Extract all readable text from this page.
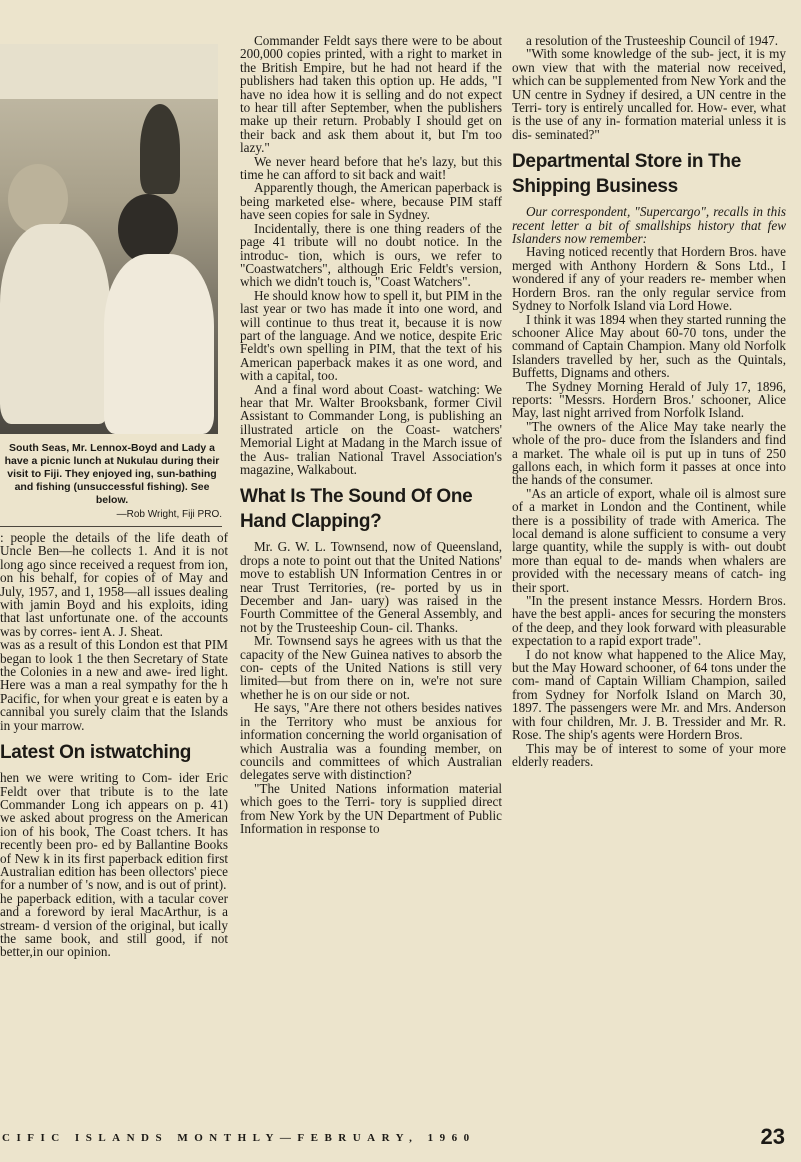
South Seas, Mr. Lennox-Boyd and Lady a have a picnic lunch at Nukulau during their visit to Fiji. They enjoyed ing, sun-bathing and fishing (unsuccessful fishing). See below.
—Rob Wright, Fiji PRO.

: people the details of the life death of Uncle Ben—he collects 1. And it is not long ago since received a request from ion, on his behalf, for copies of of May and July, 1957, and 1, 1958—all issues dealing with jamin Boyd and his exploits, iding that last unfortunate one. of the accounts was by corres- ient A. J. Sheat.

was as a result of this London est that PIM began to look 1 the then Secretary of State the Colonies in a new and awe- ired light. Here was a man a real sympathy for the h Pacific, for when your great e is eaten by a cannibal you surely claim that the Islands in your marrow.

Latest On istwatching

hen we were writing to Com- ider Eric Feldt over that tribute is to the late Commander Long ich appears on p. 41) we asked about progress on the American ion of his book, The Coast tchers. It has recently been pro- ed by Ballantine Books of New k in its first paperback edition first Australian edition has been ollectors' piece for a number of 's now, and is out of print).

he paperback edition, with a tacular cover and a foreword by ieral MacArthur, is a stream- d version of the original, but ically the same book, and still good, if not better,in our opinion.

Commander Feldt says there were to be about 200,000 copies printed, with a right to market in the British Empire, but he had not heard if the publishers had taken this option up. He adds, "I have no idea how it is selling and do not expect to hear till after September, when the publishers make up their return. Probably I should get on their back and ask them about it, but I'm too lazy."

We never heard before that he's lazy, but this time he can afford to sit back and wait!

Apparently though, the American paperback is being marketed else- where, because PIM staff have seen copies for sale in Sydney.

Incidentally, there is one thing readers of the page 41 tribute will no doubt notice. In the introduc- tion, which is ours, we refer to "Coastwatchers", although Eric Feldt's version, which we didn't touch is, "Coast Watchers".

He should know how to spell it, but PIM in the last year or two has made it into one word, and will continue to thus treat it, because it is now part of the language. And we notice, despite Eric Feldt's own spelling in PIM, that the text of his American paperback makes it as one word, and with a capital, too.

And a final word about Coast- watching: We hear that Mr. Walter Brooksbank, former Civil Assistant to Commander Long, is publishing an illustrated article on the Coast- watchers' Memorial Light at Madang in the March issue of the Aus- tralian National Travel Association's magazine, Walkabout.

What Is The Sound Of One Hand Clapping?

Mr. G. W. L. Townsend, now of Queensland, drops a note to point out that the United Nations' move to establish UN Information Centres in or near Trust Territories, (re- ported by us in December and Jan- uary) was raised in the Fourth Committee of the General Assembly, and not by the Trusteeship Coun- cil. Thanks.

Mr. Townsend says he agrees with us that the capacity of the New Guinea natives to absorb the con- cepts of the United Nations is still very limited—but from there on in, we're not sure whether he is on our side or not.

He says, "Are there not others besides natives in the Territory who must be anxious for information concerning the world organisation of which Australia was a founding member, on councils and committees of which Australian delegates serve with distinction?

"The United Nations information material which goes to the Terri- tory is supplied direct from New York by the UN Department of Public Information in response to

a resolution of the Trusteeship Council of 1947.

"With some knowledge of the sub- ject, it is my own view that with the material now received, which can be supplemented from New York and the UN centre in Sydney if desired, a UN centre in the Terri- tory is entirely uncalled for. How- ever, what is the use of any in- formation material unless it is dis- seminated?"

Departmental Store in The Shipping Business

Our correspondent, "Supercargo", recalls in this recent letter a bit of smallships history that few Islanders now remember:

Having noticed recently that Hordern Bros. have merged with Anthony Hordern & Sons Ltd., I wondered if any of your readers re- member when Hordern Bros. ran the only regular service from Sydney to Norfolk Island via Lord Howe.

I think it was 1894 when they started running the schooner Alice May about 60-70 tons, under the command of Captain Champion. Many old Norfolk Islanders travelled by her, such as the Quintals, Buffetts, Dignams and others.

The Sydney Morning Herald of July 17, 1896, reports: "Messrs. Hordern Bros.' schooner, Alice May, last night arrived from Norfolk Island.

"The owners of the Alice May take nearly the whole of the pro- duce from the Islanders and find a market. The whale oil is put up in tuns of 250 gallons each, in which form it passes at once into the hands of the consumer.

"As an article of export, whale oil is almost sure of a market in London and the Continent, while there is a possibility of trade with America. The local demand is alone sufficient to consume a very large quantity, while the supply is with- out doubt more than equal to de- mands when whalers are provided with the necessary means of catch- ing their sport.

"In the present instance Messrs. Hordern Bros. have the best appli- ances for securing the monsters of the deep, and they look forward with pleasurable expectation to a rapid export trade".

I do not know what happened to the Alice May, but the May Howard schooner, of 64 tons under the com- mand of Captain William Champion, sailed from Sydney for Norfolk Island on March 30, 1897. The passengers were Mr. and Mrs. Anderson with four children, Mr. J. B. Tressider and Mr. R. Rose. The ship's agents were Hordern Bros.

This may be of interest to some of your more elderly readers.

CIFIC ISLANDS MONTHLY—FEBRUARY, 1960	23
